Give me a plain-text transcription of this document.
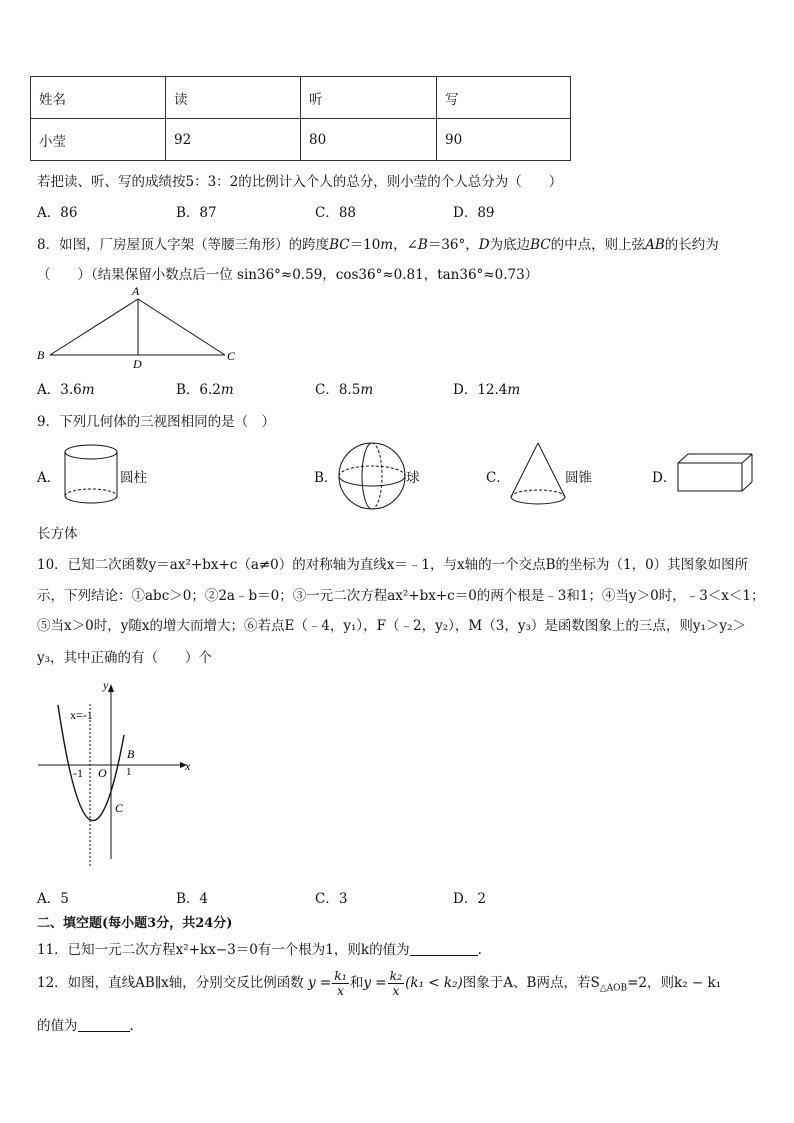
姓名	读	听	写
小莹	92	80	90
若把读、听、写的成绩按5：3：2的比例计入个人的总分，则小莹的个人总分为（　　）
A．86	B．87	C．88	D．89
8．如图，厂房屋顶人字架（等腰三角形）的跨度BC＝10m，∠B＝36°，D为底边BC的中点，则上弦AB的长约为
（　　）（结果保留小数点后一位 sin36°≈0.59，cos36°≈0.81，tan36°≈0.73）
A
B	C
D
A．3.6m	B．6.2m	C．8.5m	D．12.4m
9．下列几何体的三视图相同的是（　）
A．	圆柱	B．	球	C．	圆锥	D．
长方体
10．已知二次函数y＝ax²+bx+c（a≠0）的对称轴为直线x＝﹣1，与x轴的一个交点B的坐标为（1，0）其图象如图所
示，下列结论：①abc＞0；②2a﹣b＝0；③一元二次方程ax²+bx+c＝0的两个根是﹣3和1；④当y＞0时，﹣3＜x＜1；
⑤当x＞0时，y随x的增大而增大；⑥若点E（﹣4，y₁），F（﹣2，y₂），M（3，y₃）是函数图象上的三点，则y₁＞y₂＞
y₃，其中正确的有（　　）个
y
x
x=-1
-1 O 1
B
C
A．5	B．4	C．3	D．2
二、填空题(每小题3分，共24分)
11．已知一元二次方程x²+kx−3＝0有一个根为1，则k的值为	.
12．如图，直线AB∥x轴，分别交反比例函数 $y = \frac{\text{k₁}}{x}$ 和$y = \frac{\text{k₂}}{x} (k_1 < k_2)$图象于A、B两点，若$S_{\triangle AOB}=2$，则k₂ − k₁
的值为	.
